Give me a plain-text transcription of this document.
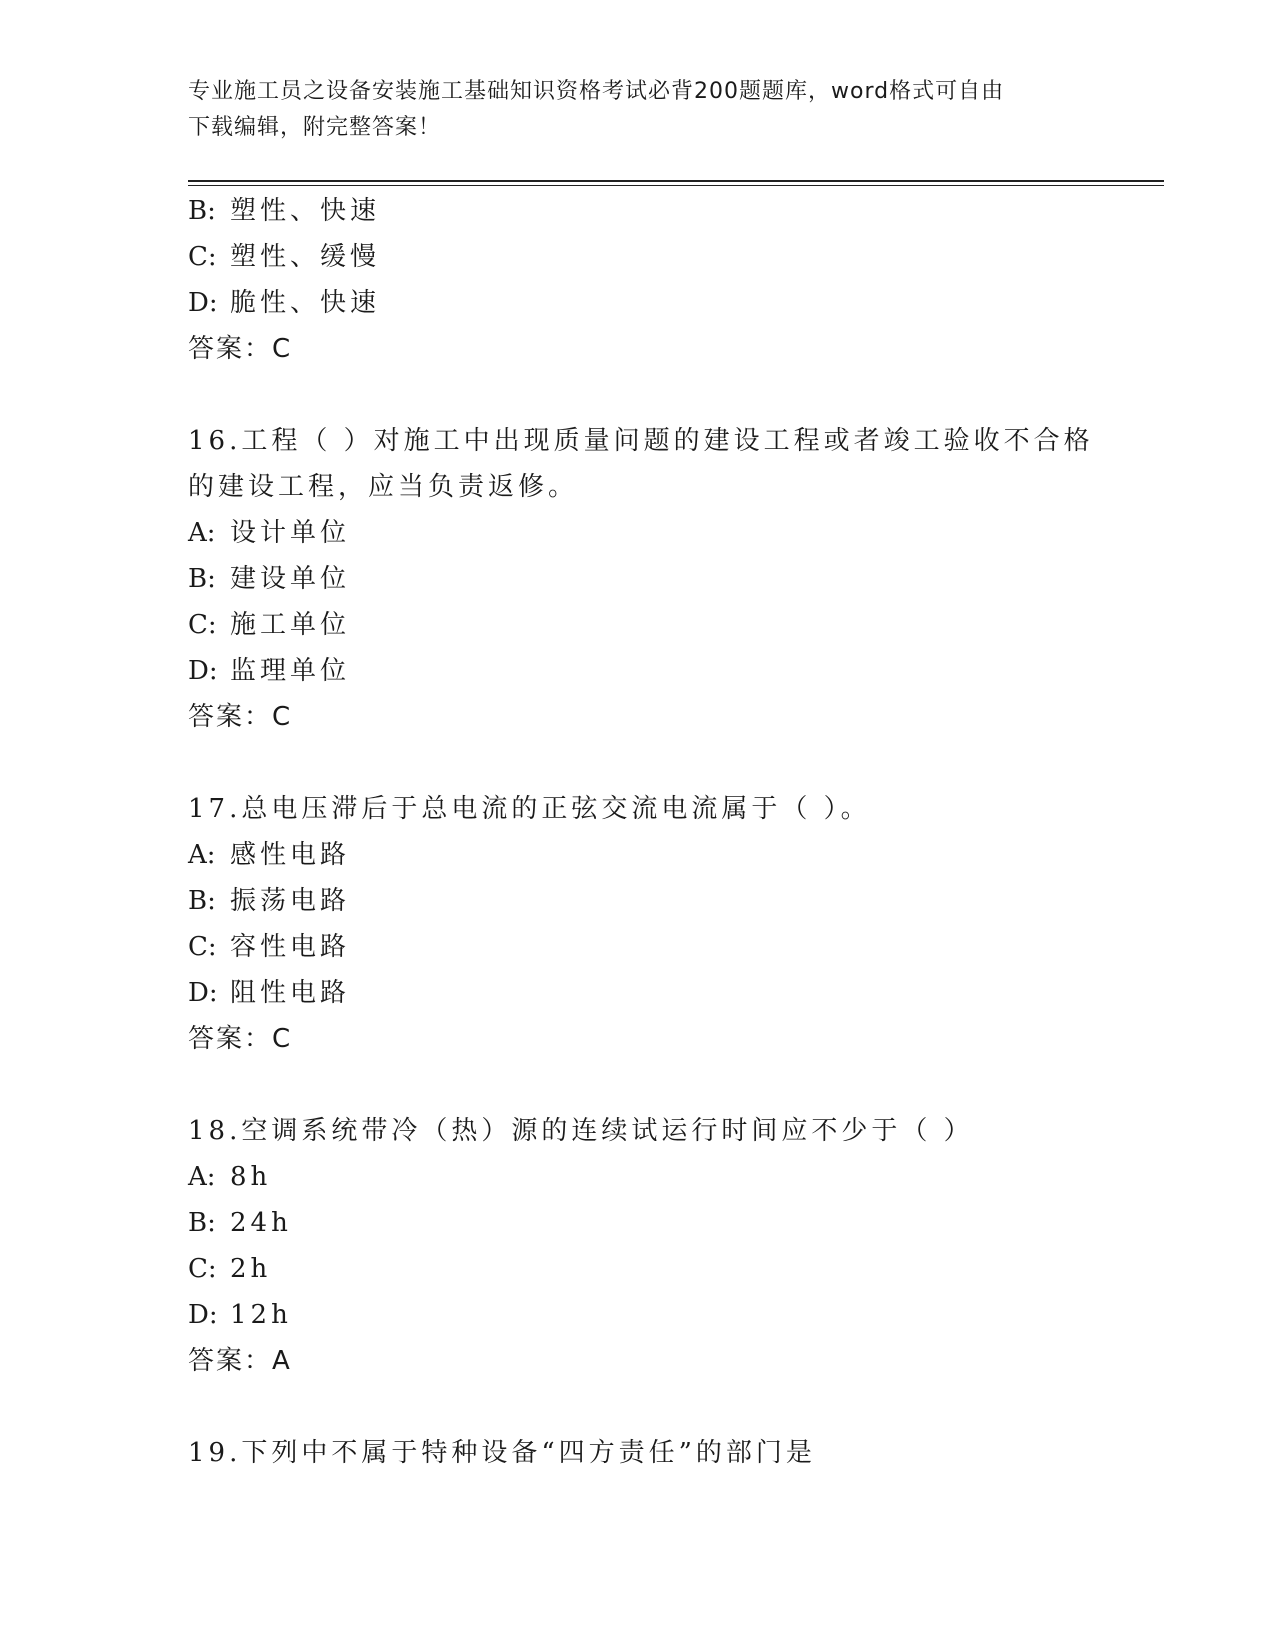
专业施工员之设备安装施工基础知识资格考试必背200题题库，word格式可自由
下载编辑，附完整答案！
B: 塑性、快速
C: 塑性、缓慢
D: 脆性、快速
答案：C
16.工程（ ）对施工中出现质量问题的建设工程或者竣工验收不合格
的建设工程，应当负责返修。
A: 设计单位
B: 建设单位
C: 施工单位
D: 监理单位
答案：C
17.总电压滞后于总电流的正弦交流电流属于（ ）。
A: 感性电路
B: 振荡电路
C: 容性电路
D: 阻性电路
答案：C
18.空调系统带冷（热）源的连续试运行时间应不少于（ ）
A: 8h
B: 24h
C: 2h
D: 12h
答案：A
19.下列中不属于特种设备“四方责任”的部门是
